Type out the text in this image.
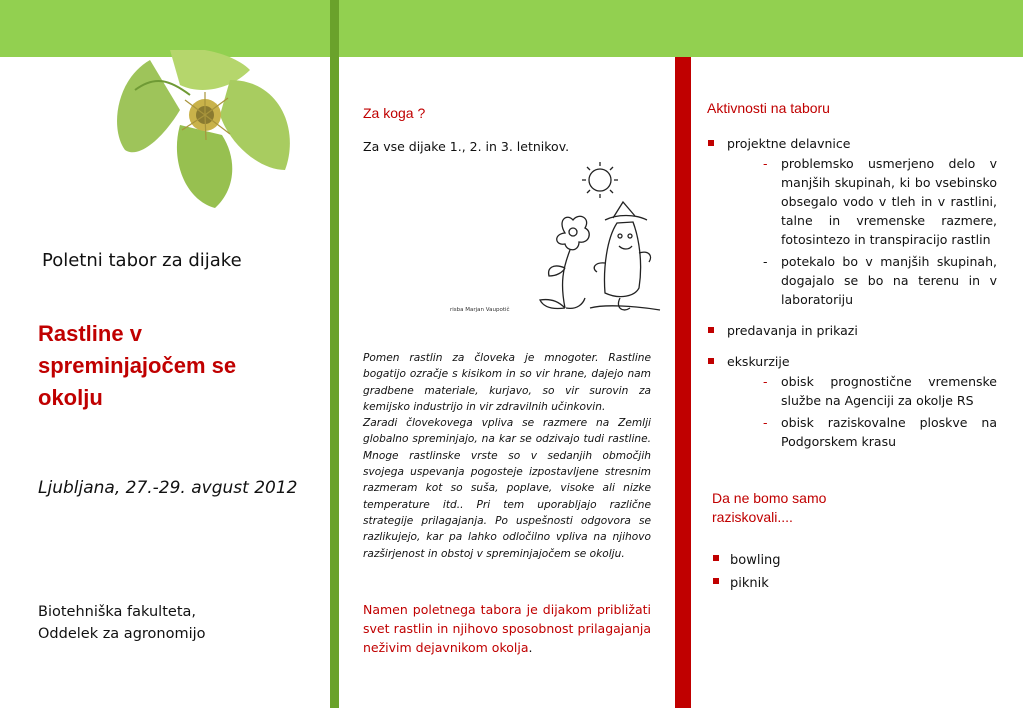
Poletni tabor za dijake
Rastline v
spreminjajočem se
okolju
Ljubljana, 27.-29. avgust 2012
Biotehniška fakulteta,
Oddelek za agronomijo
Za koga ?
Za vse dijake 1., 2. in 3. letnikov.
risba Marjan Vaupotič

Pomen rastlin za človeka je mnogoter. Rastline bogatijo ozračje s kisikom in so vir hrane, dajejo nam gradbene materiale, kurjavo, so vir surovin za kemijsko industrijo in vir zdravilnih učinkovin.

Zaradi človekovega vpliva se razmere na Zemlji globalno spreminjajo, na kar se odzivajo tudi rastline. Mnoge rastlinske vrste so v sedanjih območjih svojega uspevanja pogosteje izpostavljene stresnim razmeram kot so suša, poplave, visoke ali nizke temperature itd.. Pri tem uporabljajo različne strategije prilagajanja. Po uspešnosti odgovora se razlikujejo, kar pa lahko odločilno vpliva na njihovo razširjenost in obstoj v spreminjajočem se okolju.

Namen poletnega tabora je dijakom približati svet rastlin in njihovo sposobnost prilagajanja neživim dejavnikom okolja.
Aktivnosti na taboru
projektne delavnice
- problemsko usmerjeno delo v manjših skupinah, ki bo vsebinsko obsegalo vodo v tleh in v rastlini, talne in vremenske razmere, fotosintezo in transpiracijo rastlin
- potekalo bo v manjših skupinah, dogajalo se bo na terenu in v laboratoriju
predavanja in prikazi
ekskurzije
- obisk prognostične vremenske službe na Agenciji za okolje RS
- obisk raziskovalne ploskve na Podgorskem krasu
Da ne bomo samo raziskovali....
bowling
piknik
